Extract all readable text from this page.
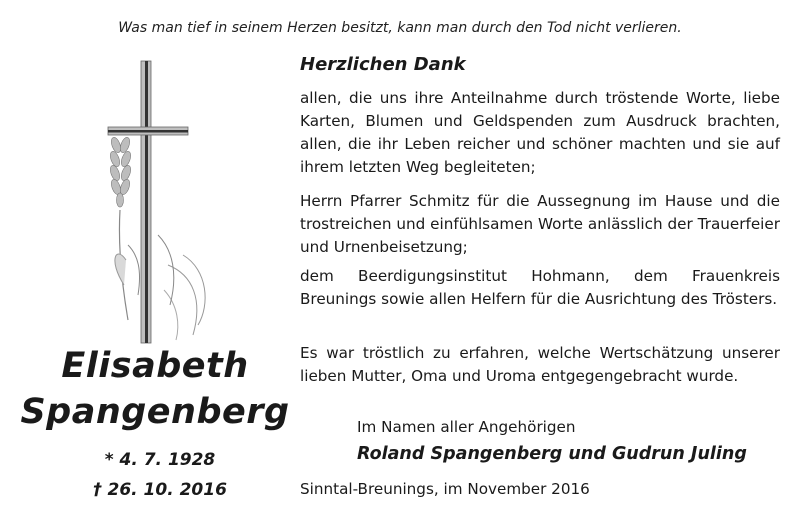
Was man tief in seinem Herzen besitzt, kann man durch den Tod nicht verlieren.
Elisabeth
Spangenberg
* 4. 7. 1928
† 26. 10. 2016
Herzlichen Dank
allen, die uns ihre Anteilnahme durch tröstende Worte, liebe Karten, Blumen und Geldspenden zum Ausdruck brachten, allen, die ihr Leben reicher und schöner machten und sie auf ihrem letzten Weg begleiteten;
Herrn Pfarrer Schmitz für die Aussegnung im Hause und die trostreichen und einfühlsamen Worte anlässlich der Trauerfeier und Urnenbeisetzung;
dem Beerdigungsinstitut Hohmann, dem Frauenkreis Breunings sowie allen Helfern für die Ausrichtung des Trösters.
Es war tröstlich zu erfahren, welche Wertschätzung unserer lieben Mutter, Oma und Uroma entgegengebracht wurde.
Im Namen aller Angehörigen
Roland Spangenberg und Gudrun Juling
Sinntal-Breunings, im November 2016
